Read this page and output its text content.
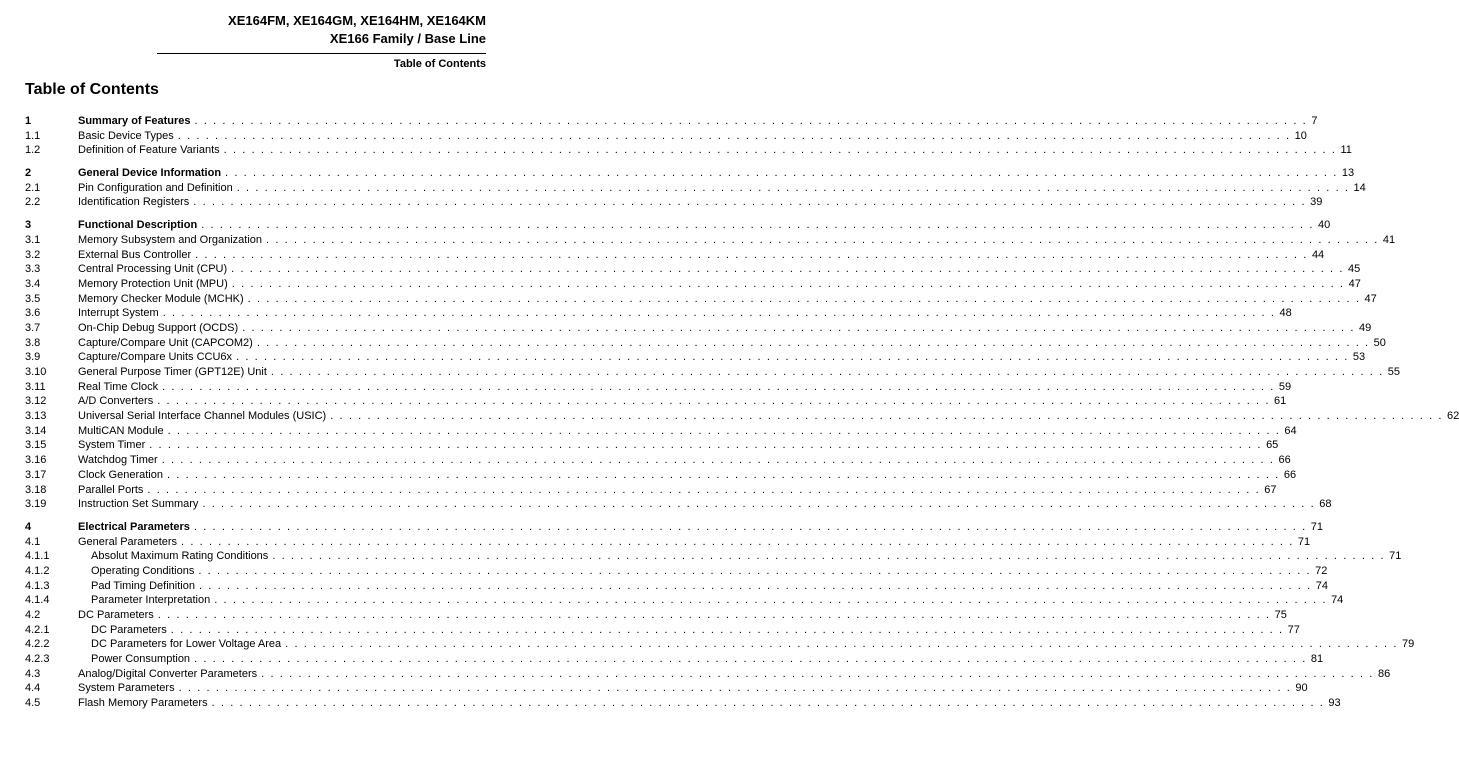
XE164FM, XE164GM, XE164HM, XE164KM
XE166 Family / Base Line
Table of Contents
Table of Contents
1	Summary of Features . . . . . . . . . . . . . . . . . . . . . . . . . . . . . . . . . . . . . . . . . . . . . . . . . . . . . . . . . . . . . . . . . . . . . . . . . . . . . . . . . . . . . . . . . . . . . . . . . . . . . . . . . . . . . . . . . . . . . . . . 7
1.1	Basic Device Types . . . . . . . . . . . . . . . . . . . . . . . . . . . . . . . . . . . . . . . . . . . . . . . . . . . . . . . . . . . . . . . . . . . . . . . . . . . . . . . . . . . . . . . . . . . . . . . . . . . . . . . . . . . . . . . . . . . . . . . . 10
1.2	Definition of Feature Variants . . . . . . . . . . . . . . . . . . . . . . . . . . . . . . . . . . . . . . . . . . . . . . . . . . . . . . . . . . . . . . . . . . . . . . . . . . . . . . . . . . . . . . . . . . . . . . . . . . . . . . . . . . . . . . . . . . . . . . . . 11
2	General Device Information . . . . . . . . . . . . . . . . . . . . . . . . . . . . . . . . . . . . . . . . . . . . . . . . . . . . . . . . . . . . . . . . . . . . . . . . . . . . . . . . . . . . . . . . . . . . . . . . . . . . . . . . . . . . . . . . . . . . . . . . 13
2.1	Pin Configuration and Definition . . . . . . . . . . . . . . . . . . . . . . . . . . . . . . . . . . . . . . . . . . . . . . . . . . . . . . . . . . . . . . . . . . . . . . . . . . . . . . . . . . . . . . . . . . . . . . . . . . . . . . . . . . . . . . . . . . . . . . . . 14
2.2	Identification Registers . . . . . . . . . . . . . . . . . . . . . . . . . . . . . . . . . . . . . . . . . . . . . . . . . . . . . . . . . . . . . . . . . . . . . . . . . . . . . . . . . . . . . . . . . . . . . . . . . . . . . . . . . . . . . . . . . . . . . . . . 39
3	Functional Description . . . . . . . . . . . . . . . . . . . . . . . . . . . . . . . . . . . . . . . . . . . . . . . . . . . . . . . . . . . . . . . . . . . . . . . . . . . . . . . . . . . . . . . . . . . . . . . . . . . . . . . . . . . . . . . . . . . . . . . . 40
3.1	Memory Subsystem and Organization . . . . . . . . . . . . . . . . . . . . . . . . . . . . . . . . . . . . . . . . . . . . . . . . . . . . . . . . . . . . . . . . . . . . . . . . . . . . . . . . . . . . . . . . . . . . . . . . . . . . . . . . . . . . . . . . . . . . . . . . 41
3.2	External Bus Controller . . . . . . . . . . . . . . . . . . . . . . . . . . . . . . . . . . . . . . . . . . . . . . . . . . . . . . . . . . . . . . . . . . . . . . . . . . . . . . . . . . . . . . . . . . . . . . . . . . . . . . . . . . . . . . . . . . . . . . . . 44
3.3	Central Processing Unit (CPU) . . . . . . . . . . . . . . . . . . . . . . . . . . . . . . . . . . . . . . . . . . . . . . . . . . . . . . . . . . . . . . . . . . . . . . . . . . . . . . . . . . . . . . . . . . . . . . . . . . . . . . . . . . . . . . . . . . . . . . . . 45
3.4	Memory Protection Unit (MPU) . . . . . . . . . . . . . . . . . . . . . . . . . . . . . . . . . . . . . . . . . . . . . . . . . . . . . . . . . . . . . . . . . . . . . . . . . . . . . . . . . . . . . . . . . . . . . . . . . . . . . . . . . . . . . . . . . . . . . . . . 47
3.5	Memory Checker Module (MCHK) . . . . . . . . . . . . . . . . . . . . . . . . . . . . . . . . . . . . . . . . . . . . . . . . . . . . . . . . . . . . . . . . . . . . . . . . . . . . . . . . . . . . . . . . . . . . . . . . . . . . . . . . . . . . . . . . . . . . . . . . 47
3.6	Interrupt System . . . . . . . . . . . . . . . . . . . . . . . . . . . . . . . . . . . . . . . . . . . . . . . . . . . . . . . . . . . . . . . . . . . . . . . . . . . . . . . . . . . . . . . . . . . . . . . . . . . . . . . . . . . . . . . . . . . . . . . . 48
3.7	On-Chip Debug Support (OCDS) . . . . . . . . . . . . . . . . . . . . . . . . . . . . . . . . . . . . . . . . . . . . . . . . . . . . . . . . . . . . . . . . . . . . . . . . . . . . . . . . . . . . . . . . . . . . . . . . . . . . . . . . . . . . . . . . . . . . . . . . 49
3.8	Capture/Compare Unit (CAPCOM2) . . . . . . . . . . . . . . . . . . . . . . . . . . . . . . . . . . . . . . . . . . . . . . . . . . . . . . . . . . . . . . . . . . . . . . . . . . . . . . . . . . . . . . . . . . . . . . . . . . . . . . . . . . . . . . . . . . . . . . . . 50
3.9	Capture/Compare Units CCU6x . . . . . . . . . . . . . . . . . . . . . . . . . . . . . . . . . . . . . . . . . . . . . . . . . . . . . . . . . . . . . . . . . . . . . . . . . . . . . . . . . . . . . . . . . . . . . . . . . . . . . . . . . . . . . . . . . . . . . . . . 53
3.10	General Purpose Timer (GPT12E) Unit . . . . . . . . . . . . . . . . . . . . . . . . . . . . . . . . . . . . . . . . . . . . . . . . . . . . . . . . . . . . . . . . . . . . . . . . . . . . . . . . . . . . . . . . . . . . . . . . . . . . . . . . . . . . . . . . . . . . . . . . 55
3.11	Real Time Clock . . . . . . . . . . . . . . . . . . . . . . . . . . . . . . . . . . . . . . . . . . . . . . . . . . . . . . . . . . . . . . . . . . . . . . . . . . . . . . . . . . . . . . . . . . . . . . . . . . . . . . . . . . . . . . . . . . . . . . . . 59
3.12	A/D Converters . . . . . . . . . . . . . . . . . . . . . . . . . . . . . . . . . . . . . . . . . . . . . . . . . . . . . . . . . . . . . . . . . . . . . . . . . . . . . . . . . . . . . . . . . . . . . . . . . . . . . . . . . . . . . . . . . . . . . . . . 61
3.13	Universal Serial Interface Channel Modules (USIC) . . . . . . . . . . . . . . . . . . . . . . . . . . . . . . . . . . . . . . . . . . . . . . . . . . . . . . . . . . . . . . . . . . . . . . . . . . . . . . . . . . . . . . . . . . . . . . . . . . . . . . . . . . . . . . . . . . . . . . . . 62
3.14	MultiCAN Module . . . . . . . . . . . . . . . . . . . . . . . . . . . . . . . . . . . . . . . . . . . . . . . . . . . . . . . . . . . . . . . . . . . . . . . . . . . . . . . . . . . . . . . . . . . . . . . . . . . . . . . . . . . . . . . . . . . . . . . . 64
3.15	System Timer . . . . . . . . . . . . . . . . . . . . . . . . . . . . . . . . . . . . . . . . . . . . . . . . . . . . . . . . . . . . . . . . . . . . . . . . . . . . . . . . . . . . . . . . . . . . . . . . . . . . . . . . . . . . . . . . . . . . . . . . 65
3.16	Watchdog Timer . . . . . . . . . . . . . . . . . . . . . . . . . . . . . . . . . . . . . . . . . . . . . . . . . . . . . . . . . . . . . . . . . . . . . . . . . . . . . . . . . . . . . . . . . . . . . . . . . . . . . . . . . . . . . . . . . . . . . . . . 66
3.17	Clock Generation . . . . . . . . . . . . . . . . . . . . . . . . . . . . . . . . . . . . . . . . . . . . . . . . . . . . . . . . . . . . . . . . . . . . . . . . . . . . . . . . . . . . . . . . . . . . . . . . . . . . . . . . . . . . . . . . . . . . . . . . 66
3.18	Parallel Ports . . . . . . . . . . . . . . . . . . . . . . . . . . . . . . . . . . . . . . . . . . . . . . . . . . . . . . . . . . . . . . . . . . . . . . . . . . . . . . . . . . . . . . . . . . . . . . . . . . . . . . . . . . . . . . . . . . . . . . . . 67
3.19	Instruction Set Summary . . . . . . . . . . . . . . . . . . . . . . . . . . . . . . . . . . . . . . . . . . . . . . . . . . . . . . . . . . . . . . . . . . . . . . . . . . . . . . . . . . . . . . . . . . . . . . . . . . . . . . . . . . . . . . . . . . . . . . . . 68
4	Electrical Parameters . . . . . . . . . . . . . . . . . . . . . . . . . . . . . . . . . . . . . . . . . . . . . . . . . . . . . . . . . . . . . . . . . . . . . . . . . . . . . . . . . . . . . . . . . . . . . . . . . . . . . . . . . . . . . . . . . . . . . . . . 71
4.1	General Parameters . . . . . . . . . . . . . . . . . . . . . . . . . . . . . . . . . . . . . . . . . . . . . . . . . . . . . . . . . . . . . . . . . . . . . . . . . . . . . . . . . . . . . . . . . . . . . . . . . . . . . . . . . . . . . . . . . . . . . . . . 71
4.1.1	Absolut Maximum Rating Conditions . . . . . . . . . . . . . . . . . . . . . . . . . . . . . . . . . . . . . . . . . . . . . . . . . . . . . . . . . . . . . . . . . . . . . . . . . . . . . . . . . . . . . . . . . . . . . . . . . . . . . . . . . . . . . . . . . . . . . . . . 71
4.1.2	Operating Conditions . . . . . . . . . . . . . . . . . . . . . . . . . . . . . . . . . . . . . . . . . . . . . . . . . . . . . . . . . . . . . . . . . . . . . . . . . . . . . . . . . . . . . . . . . . . . . . . . . . . . . . . . . . . . . . . . . . . . . . . . 72
4.1.3	Pad Timing Definition . . . . . . . . . . . . . . . . . . . . . . . . . . . . . . . . . . . . . . . . . . . . . . . . . . . . . . . . . . . . . . . . . . . . . . . . . . . . . . . . . . . . . . . . . . . . . . . . . . . . . . . . . . . . . . . . . . . . . . . . 74
4.1.4	Parameter Interpretation . . . . . . . . . . . . . . . . . . . . . . . . . . . . . . . . . . . . . . . . . . . . . . . . . . . . . . . . . . . . . . . . . . . . . . . . . . . . . . . . . . . . . . . . . . . . . . . . . . . . . . . . . . . . . . . . . . . . . . . . 74
4.2	DC Parameters . . . . . . . . . . . . . . . . . . . . . . . . . . . . . . . . . . . . . . . . . . . . . . . . . . . . . . . . . . . . . . . . . . . . . . . . . . . . . . . . . . . . . . . . . . . . . . . . . . . . . . . . . . . . . . . . . . . . . . . . 75
4.2.1	DC Parameters . . . . . . . . . . . . . . . . . . . . . . . . . . . . . . . . . . . . . . . . . . . . . . . . . . . . . . . . . . . . . . . . . . . . . . . . . . . . . . . . . . . . . . . . . . . . . . . . . . . . . . . . . . . . . . . . . . . . . . . . 77
4.2.2	DC Parameters for Lower Voltage Area . . . . . . . . . . . . . . . . . . . . . . . . . . . . . . . . . . . . . . . . . . . . . . . . . . . . . . . . . . . . . . . . . . . . . . . . . . . . . . . . . . . . . . . . . . . . . . . . . . . . . . . . . . . . . . . . . . . . . . . . 79
4.2.3	Power Consumption . . . . . . . . . . . . . . . . . . . . . . . . . . . . . . . . . . . . . . . . . . . . . . . . . . . . . . . . . . . . . . . . . . . . . . . . . . . . . . . . . . . . . . . . . . . . . . . . . . . . . . . . . . . . . . . . . . . . . . . . 81
4.3	Analog/Digital Converter Parameters . . . . . . . . . . . . . . . . . . . . . . . . . . . . . . . . . . . . . . . . . . . . . . . . . . . . . . . . . . . . . . . . . . . . . . . . . . . . . . . . . . . . . . . . . . . . . . . . . . . . . . . . . . . . . . . . . . . . . . . . 86
4.4	System Parameters . . . . . . . . . . . . . . . . . . . . . . . . . . . . . . . . . . . . . . . . . . . . . . . . . . . . . . . . . . . . . . . . . . . . . . . . . . . . . . . . . . . . . . . . . . . . . . . . . . . . . . . . . . . . . . . . . . . . . . . . 90
4.5	Flash Memory Parameters . . . . . . . . . . . . . . . . . . . . . . . . . . . . . . . . . . . . . . . . . . . . . . . . . . . . . . . . . . . . . . . . . . . . . . . . . . . . . . . . . . . . . . . . . . . . . . . . . . . . . . . . . . . . . . . . . . . . . . . . 93
